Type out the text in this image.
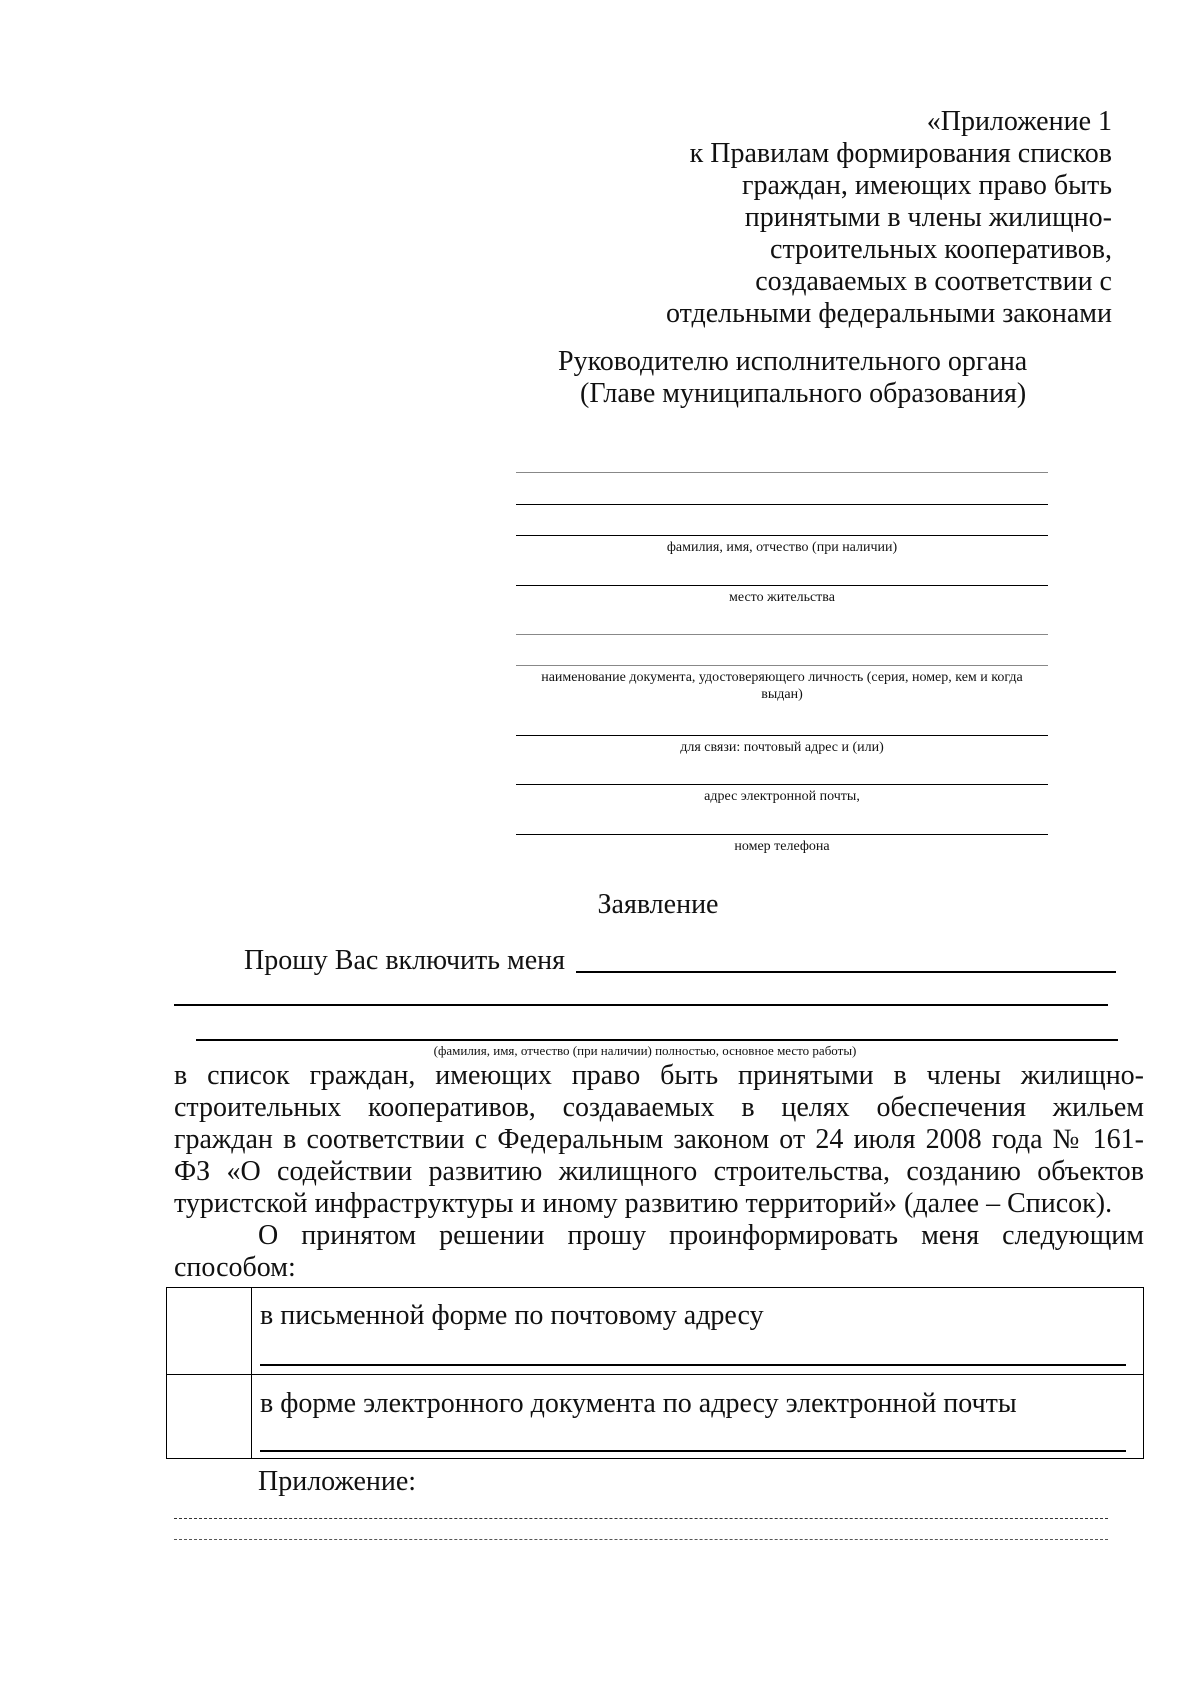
«Приложение 1
к Правилам формирования списков
граждан, имеющих право быть
принятыми в члены жилищно-
строительных кооперативов,
создаваемых в соответствии с
отдельными федеральными законами
Руководителю исполнительного органа
(Главе муниципального образования)
фамилия, имя, отчество (при наличии)
место жительства
наименование документа, удостоверяющего личность (серия, номер, кем и когда выдан)
для связи: почтовый адрес и (или)
адрес электронной почты,
номер телефона
Заявление
Прошу Вас включить меня
(фамилия, имя, отчество (при наличии) полностью, основное место работы)
в список граждан, имеющих право быть принятыми в члены жилищно-
строительных кооперативов, создаваемых в целях обеспечения жильем
граждан в соответствии с Федеральным законом от 24 июля 2008 года № 161-
ФЗ «О содействии развитию жилищного строительства, созданию объектов
туристской инфраструктуры и иному развитию территорий» (далее – Список).
О принятом решении прошу проинформировать меня следующим
способом:
в письменной форме по почтовому адресу
в форме электронного документа по адресу электронной почты
Приложение:
